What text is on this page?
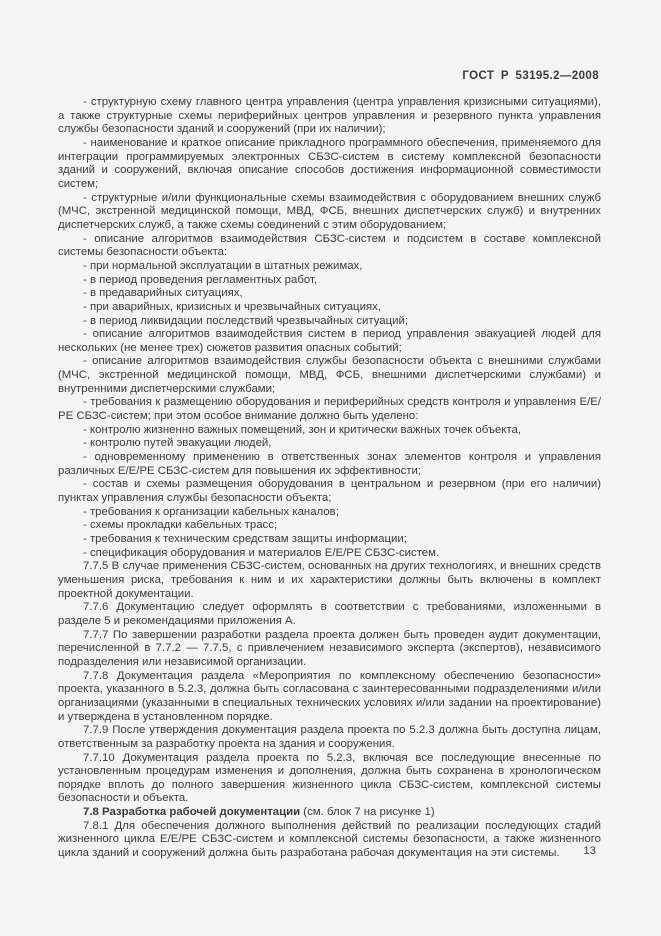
ГОСТ Р 53195.2—2008

- структурную схему главного центра управления (центра управления кризисными ситуациями), а также структурные схемы периферийных центров управления и резервного пункта управления службы безопасности зданий и сооружений (при их наличии);

- наименование и краткое описание прикладного программного обеспечения, применяемого для интеграции программируемых электронных СБЗС-систем в систему комплексной безопасности зданий и сооружений, включая описание способов достижения информационной совместимости систем;

- структурные и/или функциональные схемы взаимодействия с оборудованием внешних служб (МЧС, экстренной медицинской помощи, МВД, ФСБ, внешних диспетчерских служб) и внутренних диспетчерских служб, а также схемы соединений с этим оборудованием;

- описание алгоритмов взаимодействия СБЗС-систем и подсистем в составе комплексной системы безопасности объекта:

- при нормальной эксплуатации в штатных режимах,

- в период проведения регламентных работ,

- в предаварийных ситуациях,

- при аварийных, кризисных и чрезвычайных ситуациях,

- в период ликвидации последствий чрезвычайных ситуаций;

- описание алгоритмов взаимодействия систем в период управления эвакуацией людей для нескольких (не менее трех) сюжетов развития опасных событий;

- описание алгоритмов взаимодействия службы безопасности объекта с внешними службами (МЧС, экстренной медицинской помощи, МВД, ФСБ, внешними диспетчерскими службами) и внутренними диспетчерскими службами;

- требования к размещению оборудования и периферийных средств контроля и управления Е/Е/РЕ СБЗС-систем; при этом особое внимание должно быть уделено:

- контролю жизненно важных помещений, зон и критически важных точек объекта,

- контролю путей эвакуации людей,

- одновременному применению в ответственных зонах элементов контроля и управления различных Е/Е/РЕ СБЗС-систем для повышения их эффективности;

- состав и схемы размещения оборудования в центральном и резервном (при его наличии) пунктах управления службы безопасности объекта;

- требования к организации кабельных каналов;

- схемы прокладки кабельных трасс;

- требования к техническим средствам защиты информации;

- спецификация оборудования и материалов Е/Е/РЕ СБЗС-систем.

7.7.5 В случае применения СБЗС-систем, основанных на других технологиях, и внешних средств уменьшения риска, требования к ним и их характеристики должны быть включены в комплект проектной документации.

7.7.6 Документацию следует оформлять в соответствии с требованиями, изложенными в разделе 5 и рекомендациями приложения А.

7.7.7 По завершении разработки раздела проекта должен быть проведен аудит документации, перечисленной в 7.7.2 — 7.7.5, с привлечением независимого эксперта (экспертов), независимого подразделения или независимой организации.

7.7.8 Документация раздела «Мероприятия по комплексному обеспечению безопасности» проекта, указанного в 5.2.3, должна быть согласована с заинтересованными подразделениями и/или организациями (указанными в специальных технических условиях и/или задании на проектирование) и утверждена в установленном порядке.

7.7.9 После утверждения документация раздела проекта по 5.2.3 должна быть доступна лицам, ответственным за разработку проекта на здания и сооружения.

7.7.10 Документация раздела проекта по 5.2.3, включая все последующие внесенные по установленным процедурам изменения и дополнения, должна быть сохранена в хронологическом порядке вплоть до полного завершения жизненного цикла СБЗС-систем, комплексной системы безопасности и объекта.

7.8 Разработка рабочей документации (см. блок 7 на рисунке 1)

7.8.1 Для обеспечения должного выполнения действий по реализации последующих стадий жизненного цикла Е/Е/РЕ СБЗС-систем и комплексной системы безопасности, а также жизненного цикла зданий и сооружений должна быть разработана рабочая документация на эти системы.	13
